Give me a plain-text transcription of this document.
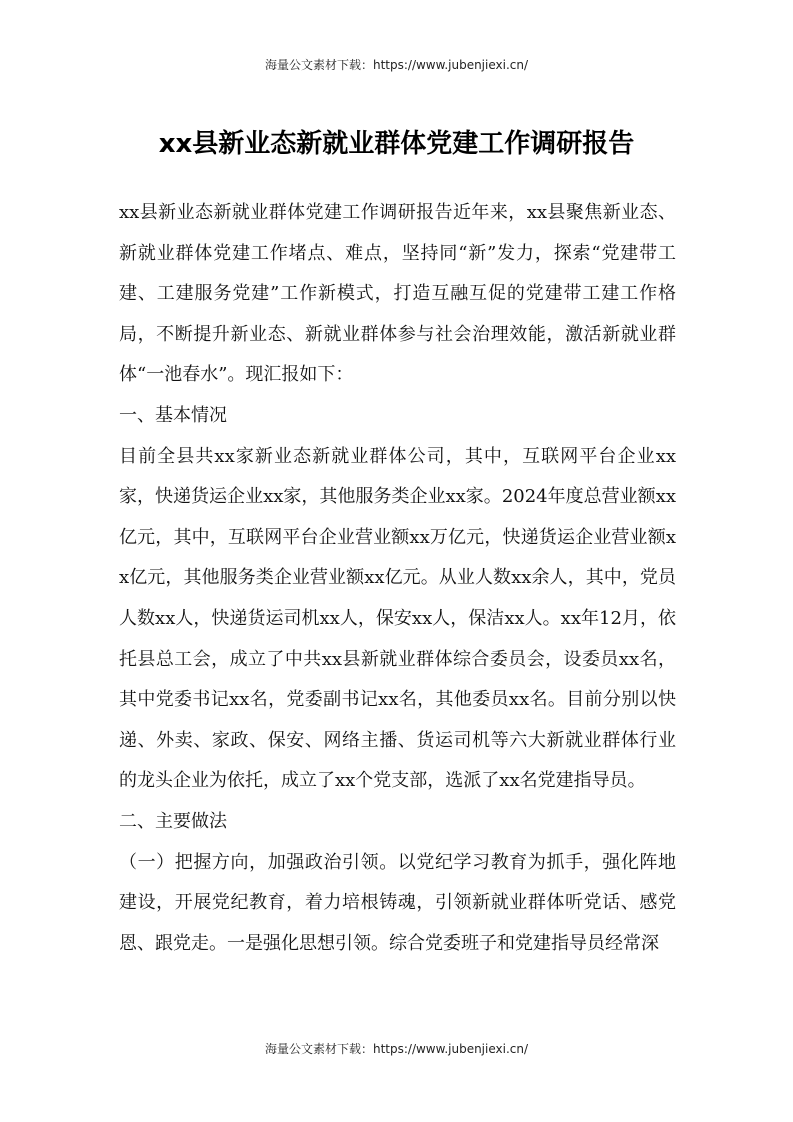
海量公文素材下载：https://www.jubenjiexi.cn/
xx县新业态新就业群体党建工作调研报告

xx县新业态新就业群体党建工作调研报告近年来，xx县聚焦新业态、新就业群体党建工作堵点、难点，坚持同“新”发力，探索“党建带工建、工建服务党建”工作新模式，打造互融互促的党建带工建工作格局，不断提升新业态、新就业群体参与社会治理效能，激活新就业群体“一池春水”。现汇报如下：

一、基本情况

目前全县共xx家新业态新就业群体公司，其中，互联网平台企业xx家，快递货运企业xx家，其他服务类企业xx家。2024年度总营业额xx亿元，其中，互联网平台企业营业额xx万亿元，快递货运企业营业额xx亿元，其他服务类企业营业额xx亿元。从业人数xx余人，其中，党员人数xx人，快递货运司机xx人，保安xx人，保洁xx人。xx年12月，依托县总工会，成立了中共xx县新就业群体综合委员会，设委员xx名，其中党委书记xx名，党委副书记xx名，其他委员xx名。目前分别以快递、外卖、家政、保安、网络主播、货运司机等六大新就业群体行业的龙头企业为依托，成立了xx个党支部，选派了xx名党建指导员。

二、主要做法

（一）把握方向，加强政治引领。以党纪学习教育为抓手，强化阵地建设，开展党纪教育，着力培根铸魂，引领新就业群体听党话、感党恩、跟党走。一是强化思想引领。综合党委班子和党建指导员经常深

海量公文素材下载：https://www.jubenjiexi.cn/
